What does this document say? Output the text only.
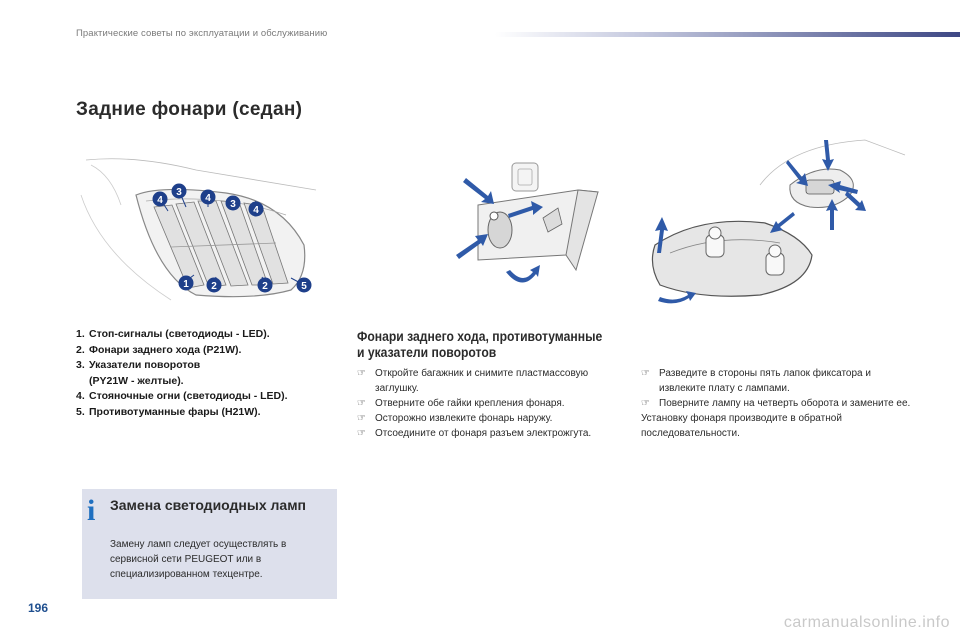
Практические советы по эксплуатации и обслуживанию
Задние фонари (седан)
4
3
4
3
4
1 2	2	5
1. Стоп-сигналы (светодиоды - LED).
2. Фонари заднего хода (P21W).
3. Указатели поворотов
(PY21W - желтые).
4. Стояночные огни (светодиоды - LED).
5. Противотуманные фары (H21W).
i Замена светодиодных ламп
Замену ламп следует осуществлять в сервисной сети PEUGEOT или в специализированном техцентре.
Фонари заднего хода, противотуманные и указатели поворотов
☞ Откройте багажник и снимите пластмассовую заглушку.
☞ Отверните обе гайки крепления фонаря.
☞ Осторожно извлеките фонарь наружу.
☞ Отсоедините от фонаря разъем электрожгута.
☞ Разведите в стороны пять лапок фиксатора и извлеките плату с лампами.
☞ Поверните лампу на четверть оборота и замените ее.
Установку фонаря производите в обратной последовательности.
196
carmanualsonline.info
